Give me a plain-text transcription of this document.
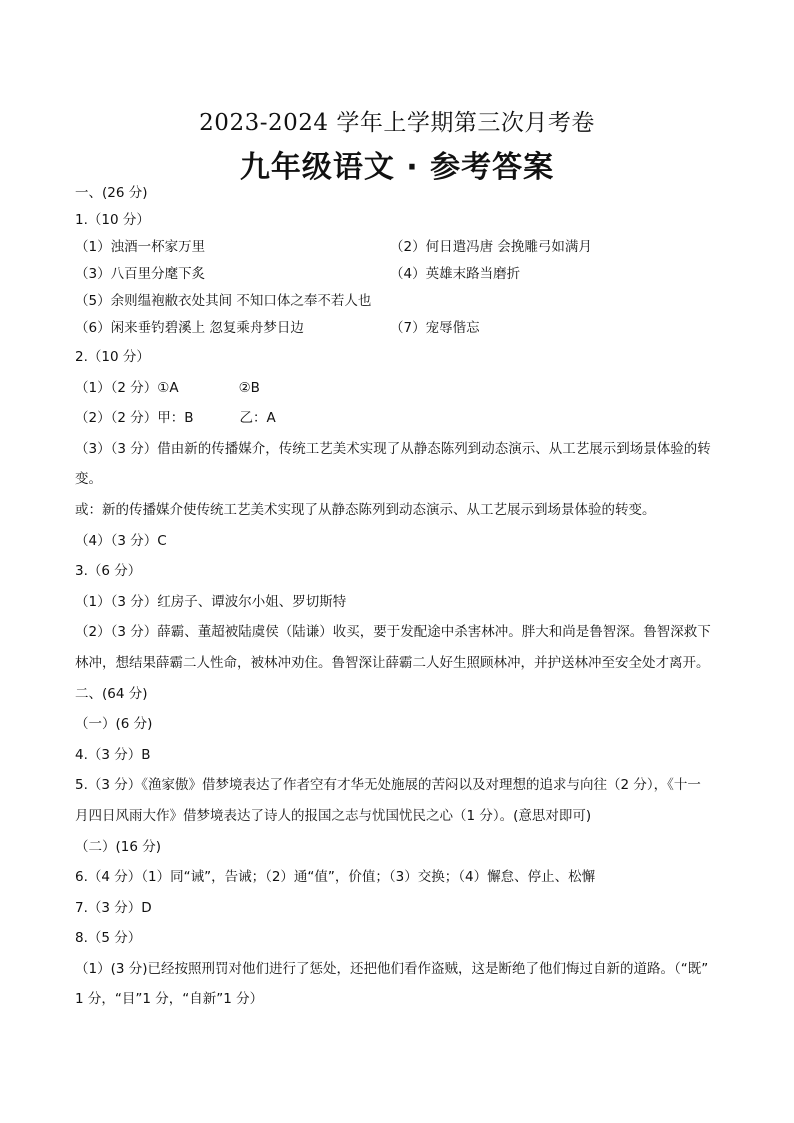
2023-2024 学年上学期第三次月考卷
九年级语文 · 参考答案
一、(26 分)
1.（10 分）
（1）浊酒一杯家万里	（2）何日遣冯唐 会挽雕弓如满月
（3）八百里分麾下炙	（4）英雄末路当磨折
（5）余则缊袍敝衣处其间 不知口体之奉不若人也
（6）闲来垂钓碧溪上 忽复乘舟梦日边	（7）宠辱偕忘
2.（10 分）
（1）（2 分）①A	②B
（2）（2 分）甲：B	乙：A
（3）（3 分）借由新的传播媒介，传统工艺美术实现了从静态陈列到动态演示、从工艺展示到场景体验的转
变。
或：新的传播媒介使传统工艺美术实现了从静态陈列到动态演示、从工艺展示到场景体验的转变。
（4）（3 分）C
3.（6 分）
（1）（3 分）红房子、谭波尔小姐、罗切斯特
（2）（3 分）薛霸、董超被陆虞侯（陆谦）收买，要于发配途中杀害林冲。胖大和尚是鲁智深。鲁智深救下
林冲，想结果薛霸二人性命，被林冲劝住。鲁智深让薛霸二人好生照顾林冲，并护送林冲至安全处才离开。
二、(64 分)
（一）(6 分)
4.（3 分）B
5.（3 分）《渔家傲》借梦境表达了作者空有才华无处施展的苦闷以及对理想的追求与向往（2 分），《十一
月四日风雨大作》借梦境表达了诗人的报国之志与忧国忧民之心（1 分）。(意思对即可)
（二）(16 分)
6.（4 分）（1）同“诫”，告诫；（2）通“值”，价值；（3）交换；（4）懈怠、停止、松懈
7.（3 分）D
8.（5 分）
（1）(3 分)已经按照刑罚对他们进行了惩处，还把他们看作盗贼，这是断绝了他们悔过自新的道路。（“既”
1 分，“目”1 分，“自新”1 分）
